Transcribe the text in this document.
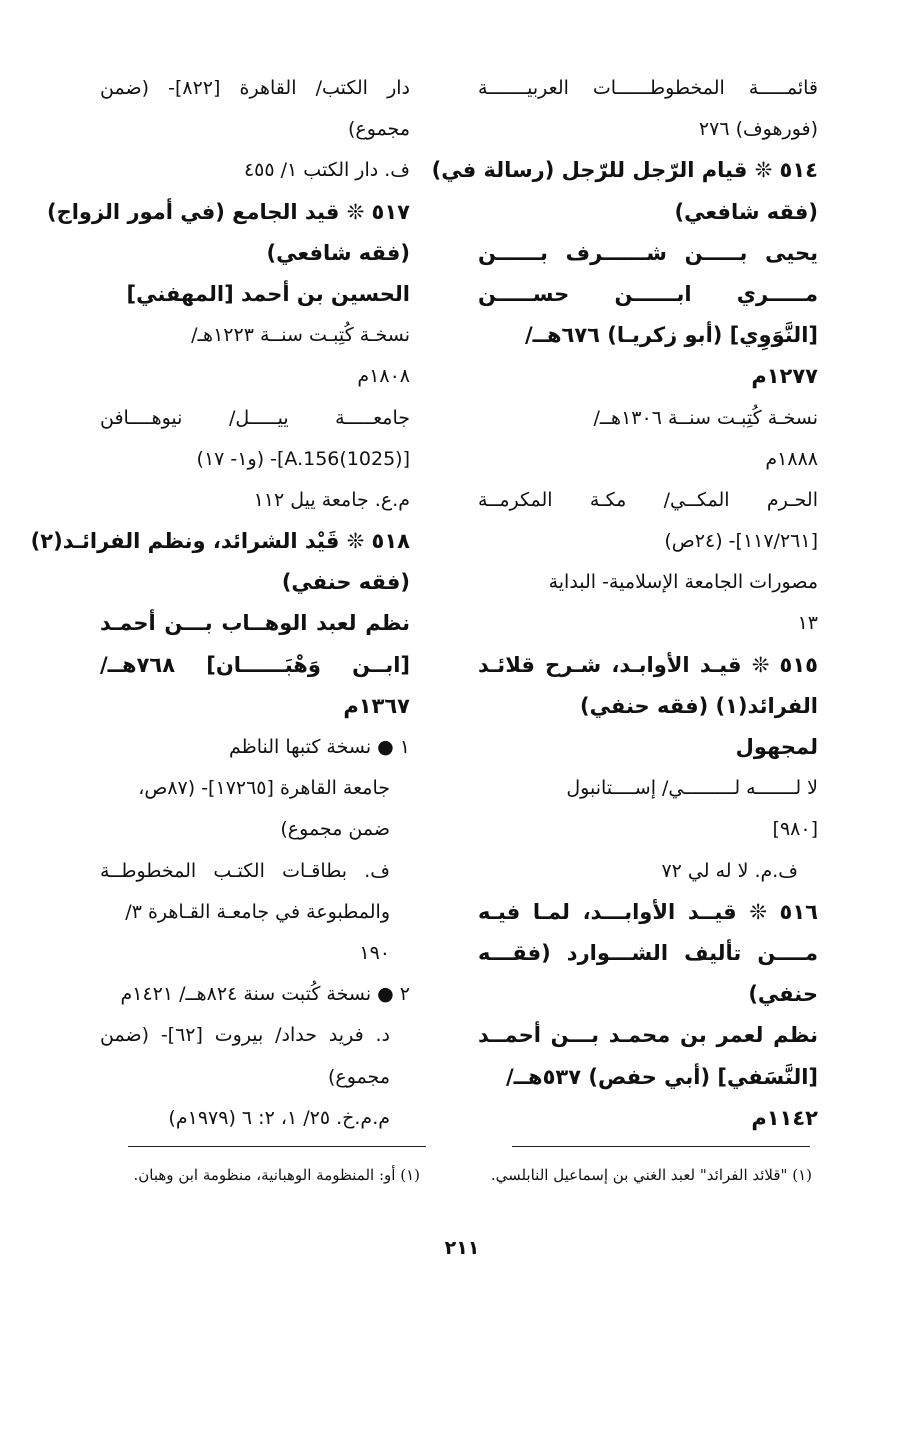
قائمـــــة المخطوطــــــات العربيـــــــة
(فورهوف) ٢٧٦
٥١٤ ❊ قيام الرّجل للرّجل (رسالة في)
(فقه شافعي)
يحيى بـــــن شــــــرف بــــــن
مـــــري ابــــــن حســـــن
[النَّوَوِي] (أبو زكريـا) ٦٧٦هــ/
١٢٧٧م
نسخـة كُتِبـت سنــة ١٣٠٦هــ/
١٨٨٨م
الحـرم المكــي/ مكـة المكرمــة
[١١٧/٢٦١]- (٢٤ص)
مصورات الجامعة الإسلامية- البداية
١٣
٥١٥ ❊ قيـد الأوابـد، شـرح قلائـد
الفرائد(١) (فقه حنفي)
لمجهول
لا لـــــــه لـــــــــي/ إســــتانبول
[٩٨٠]
ف.م. لا له لي ٧٢
٥١٦ ❊ قيــد الأوابـــد، لمـا فيـه
مــــن تأليف الشـــوارد (فقـــه
حنفي)
نظم لعمر بن محمـد بـــن أحمــد
[النَّسَفي] (أبي حفص) ٥٣٧هــ/
١١٤٢م
دار الكتب/ القاهرة [٨٢٢]- (ضمن
مجموع)
ف. دار الكتب ١/ ٤٥٥
٥١٧ ❊ قيد الجامع (في أمور الزواج)
(فقه شافعي)
الحسين بن أحمد [المهفني]
نسخـة كُتِبـت سنــة ١٢٢٣هـ/
١٨٠٨م
جامعـــــة ييـــــل/ نيوهــــافن
[(1025)A.156]- (و١- ١٧)
م.ع. جامعة ييل ١١٢
٥١٨ ❊ قَيْد الشرائد، ونظم الفرائـد(٢)
(فقه حنفي)
نظم لعبد الوهــاب بـــن أحمـد
[ابــن وَهْبَــــــان] ٧٦٨هــ/
١٣٦٧م
١ ● نسخة كتبها الناظم
جامعة القاهرة [١٧٢٦٥]- (٨٧ص،
ضمن مجموع)
ف. بطاقـات الكتـب المخطوطــة
والمطبوعة في جامعـة القـاهرة ٣/
١٩٠
٢ ● نسخة كُتبت سنة ٨٢٤هــ/ ١٤٢١م
د. فريد حداد/ بيروت [٦٢]- (ضمن
مجموع)
م.م.خ. ٢٥/ ١، ٢: ٦ (١٩٧٩م)
(١) "قلائد الفرائد" لعبد الغني بن إسماعيل النابلسي.
(١) أو: المنظومة الوهبانية، منظومة ابن وهبان.
٢١١
